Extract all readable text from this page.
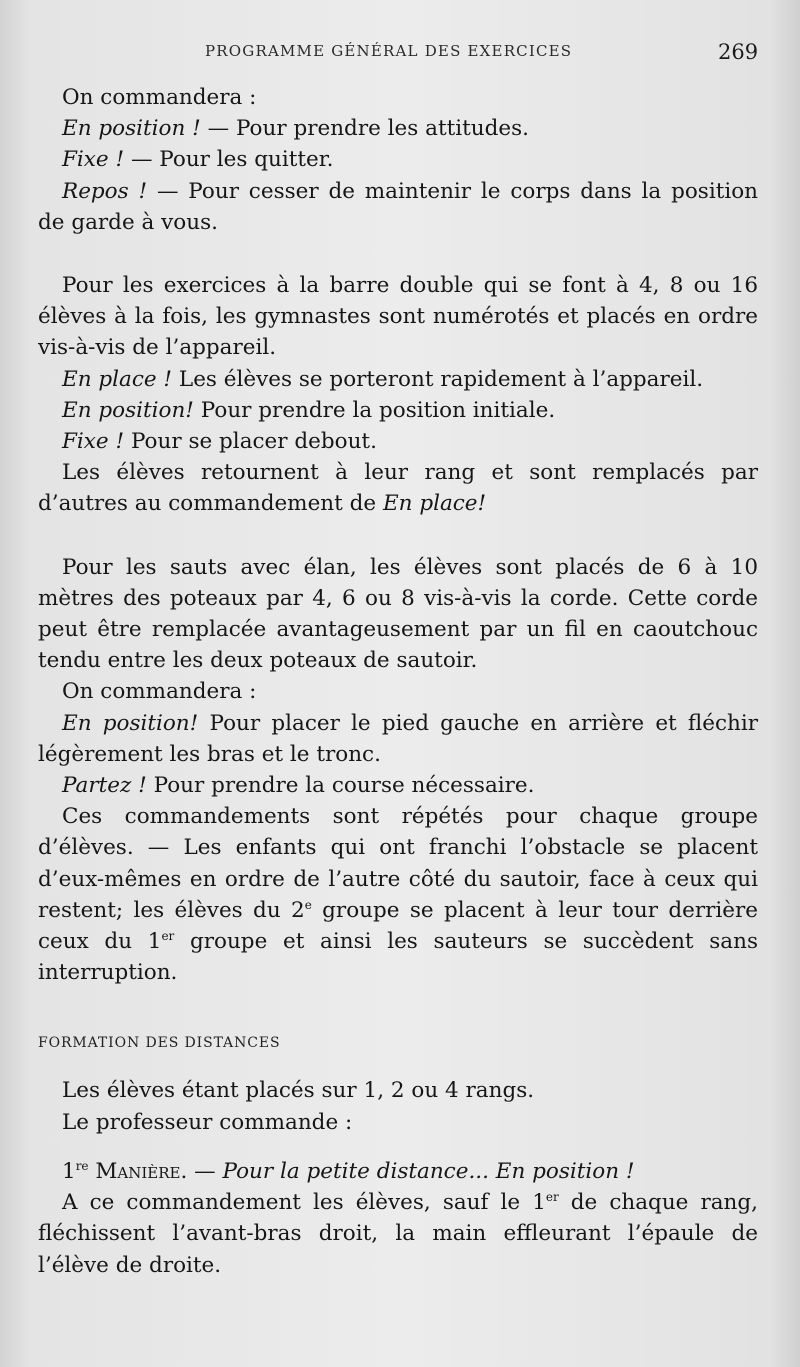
PROGRAMME GÉNÉRAL DES EXERCICES	269

On commandera :

En position ! — Pour prendre les attitudes.

Fixe ! — Pour les quitter.

Repos ! — Pour cesser de maintenir le corps dans la position de garde à vous.

Pour les exercices à la barre double qui se font à 4, 8 ou 16 élèves à la fois, les gymnastes sont numérotés et placés en ordre vis-à-vis de l’appareil.

En place ! Les élèves se porteront rapidement à l’appareil.

En position! Pour prendre la position initiale.

Fixe ! Pour se placer debout.

Les élèves retournent à leur rang et sont remplacés par d’autres au commandement de En place!

Pour les sauts avec élan, les élèves sont placés de 6 à 10 mètres des poteaux par 4, 6 ou 8 vis-à-vis la corde. Cette corde peut être remplacée avantageusement par un fil en caoutchouc tendu entre les deux poteaux de sautoir.

On commandera :

En position! Pour placer le pied gauche en arrière et fléchir légèrement les bras et le tronc.

Partez ! Pour prendre la course nécessaire.

Ces commandements sont répétés pour chaque groupe d’élèves. — Les enfants qui ont franchi l’obstacle se placent d’eux-mêmes en ordre de l’autre côté du sautoir, face à ceux qui restent; les élèves du 2e groupe se placent à leur tour derrière ceux du 1er groupe et ainsi les sauteurs se succèdent sans interruption.

FORMATION DES DISTANCES

Les élèves étant placés sur 1, 2 ou 4 rangs.

Le professeur commande :

1re Manière. — Pour la petite distance... En position !

A ce commandement les élèves, sauf le 1er de chaque rang, fléchissent l’avant-bras droit, la main effleurant l’épaule de l’élève de droite.
